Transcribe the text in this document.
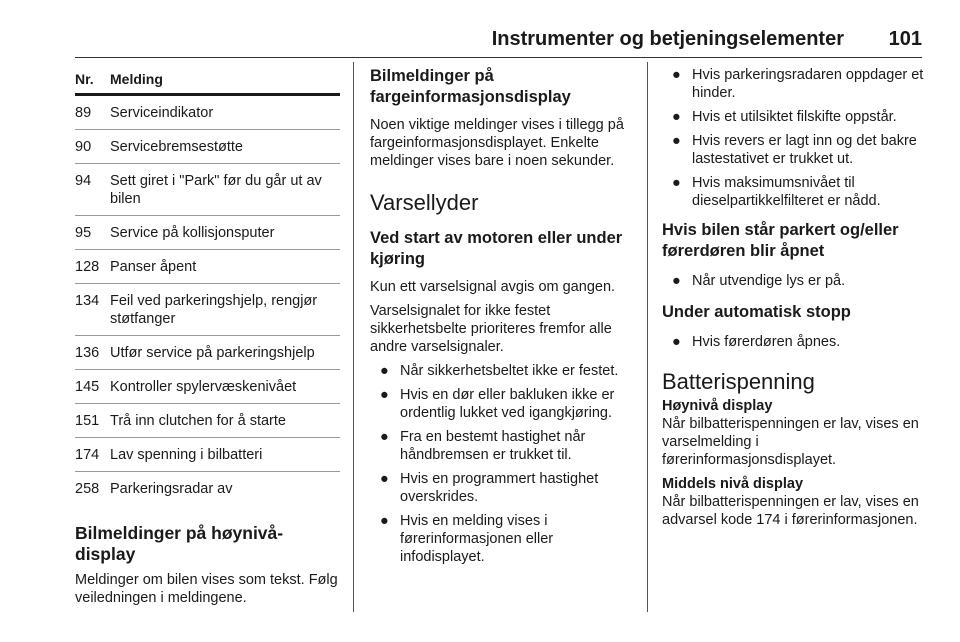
Instrumenter og betjeningselementer 101
Nr.	Melding
89	Serviceindikator
90	Servicebremsestøtte
94	Sett giret i "Park" før du går ut av bilen
95	Service på kollisjonsputer
128 Panser åpent
134 Feil ved parkeringshjelp, rengjør støtfanger
136 Utfør service på parkeringshjelp
145 Kontroller spylervæskenivået
151 Trå inn clutchen for å starte
174 Lav spenning i bilbatteri
258 Parkeringsradar av
Bilmeldinger på høynivå-display

Meldinger om bilen vises som tekst. Følg veiledningen i meldingene.

Bilmeldinger på fargeinformasjonsdisplay

Noen viktige meldinger vises i tillegg på fargeinformasjonsdisplayet. Enkelte meldinger vises bare i noen sekunder.

Varsellyder
Ved start av motoren eller under kjøring

Kun ett varselsignal avgis om gangen.

Varselsignalet for ikke festet sikkerhetsbelte prioriteres fremfor alle andre varselsignaler.

● Når sikkerhetsbeltet ikke er festet.
● Hvis en dør eller bakluken ikke er ordentlig lukket ved igangkjøring.
● Fra en bestemt hastighet når håndbremsen er trukket til.
● Hvis en programmert hastighet overskrides.
● Hvis en melding vises i førerinformasjonen eller infodisplayet.
● Hvis parkeringsradaren oppdager et hinder.
● Hvis et utilsiktet filskifte oppstår.
● Hvis revers er lagt inn og det bakre lastestativet er trukket ut.
● Hvis maksimumsnivået til dieselpartikkelfilteret er nådd.
Hvis bilen står parkert og/eller førerdøren blir åpnet
● Når utvendige lys er på.
Under automatisk stopp
● Hvis førerdøren åpnes.
Batterispenning
Høynivå display

Når bilbatterispenningen er lav, vises en varselmelding i førerinformasjonsdisplayet.

Middels nivå display

Når bilbatterispenningen er lav, vises en advarsel kode 174 i førerinformasjonen.
